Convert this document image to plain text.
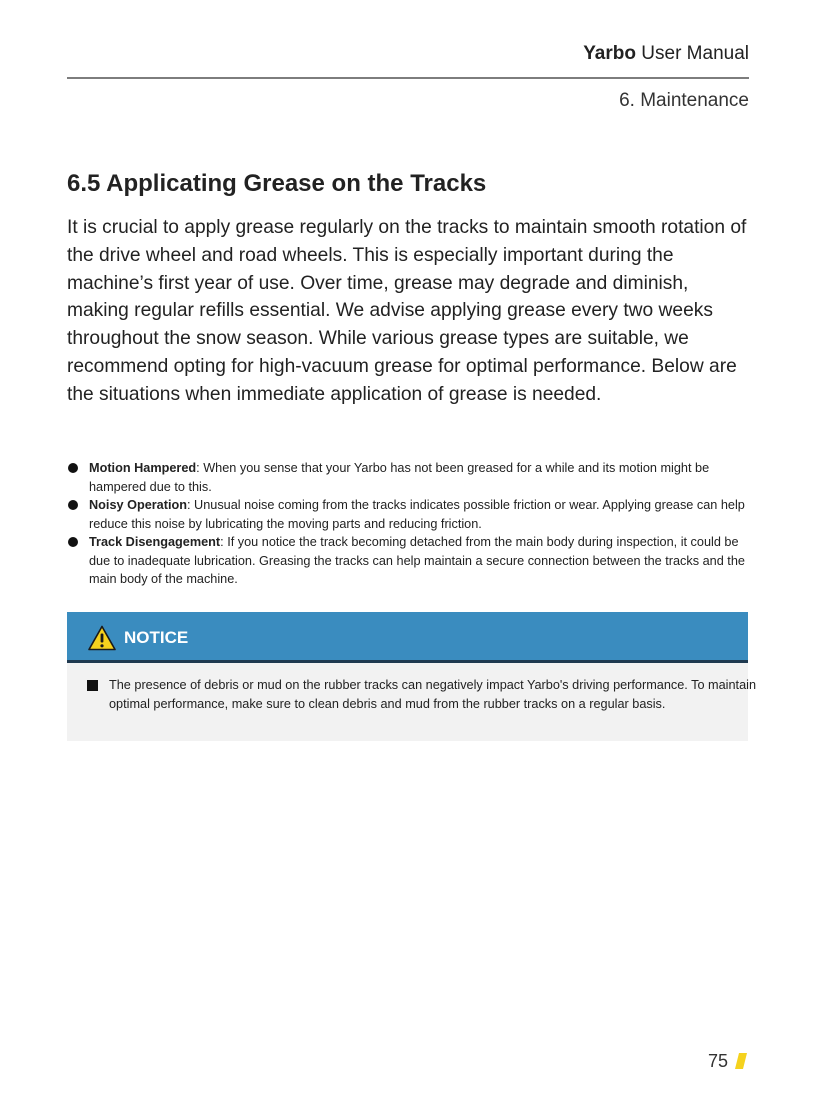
Yarbo User Manual
6. Maintenance
6.5 Applicating Grease on the Tracks

It is crucial to apply grease regularly on the tracks to maintain smooth rotation of the drive wheel and road wheels. This is especially important during the machine’s first year of use. Over time, grease may degrade and diminish, making regular refills essential. We advise applying grease every two weeks throughout the snow season. While various grease types are suitable, we recommend opting for high-vacuum grease for optimal performance. Below are the situations when immediate application of grease is needed.

Motion Hampered: When you sense that your Yarbo has not been greased for a while and its motion might be hampered due to this.
Noisy Operation: Unusual noise coming from the tracks indicates possible friction or wear. Applying grease can help reduce this noise by lubricating the moving parts and reducing friction.
Track Disengagement: If you notice the track becoming detached from the main body during inspection, it could be due to inadequate lubrication. Greasing the tracks can help maintain a secure connection between the tracks and the main body of the machine.
NOTICE

The presence of debris or mud on the rubber tracks can negatively impact Yarbo's driving performance. To maintain optimal performance, make sure to clean debris and mud from the rubber tracks on a regular basis.

75
